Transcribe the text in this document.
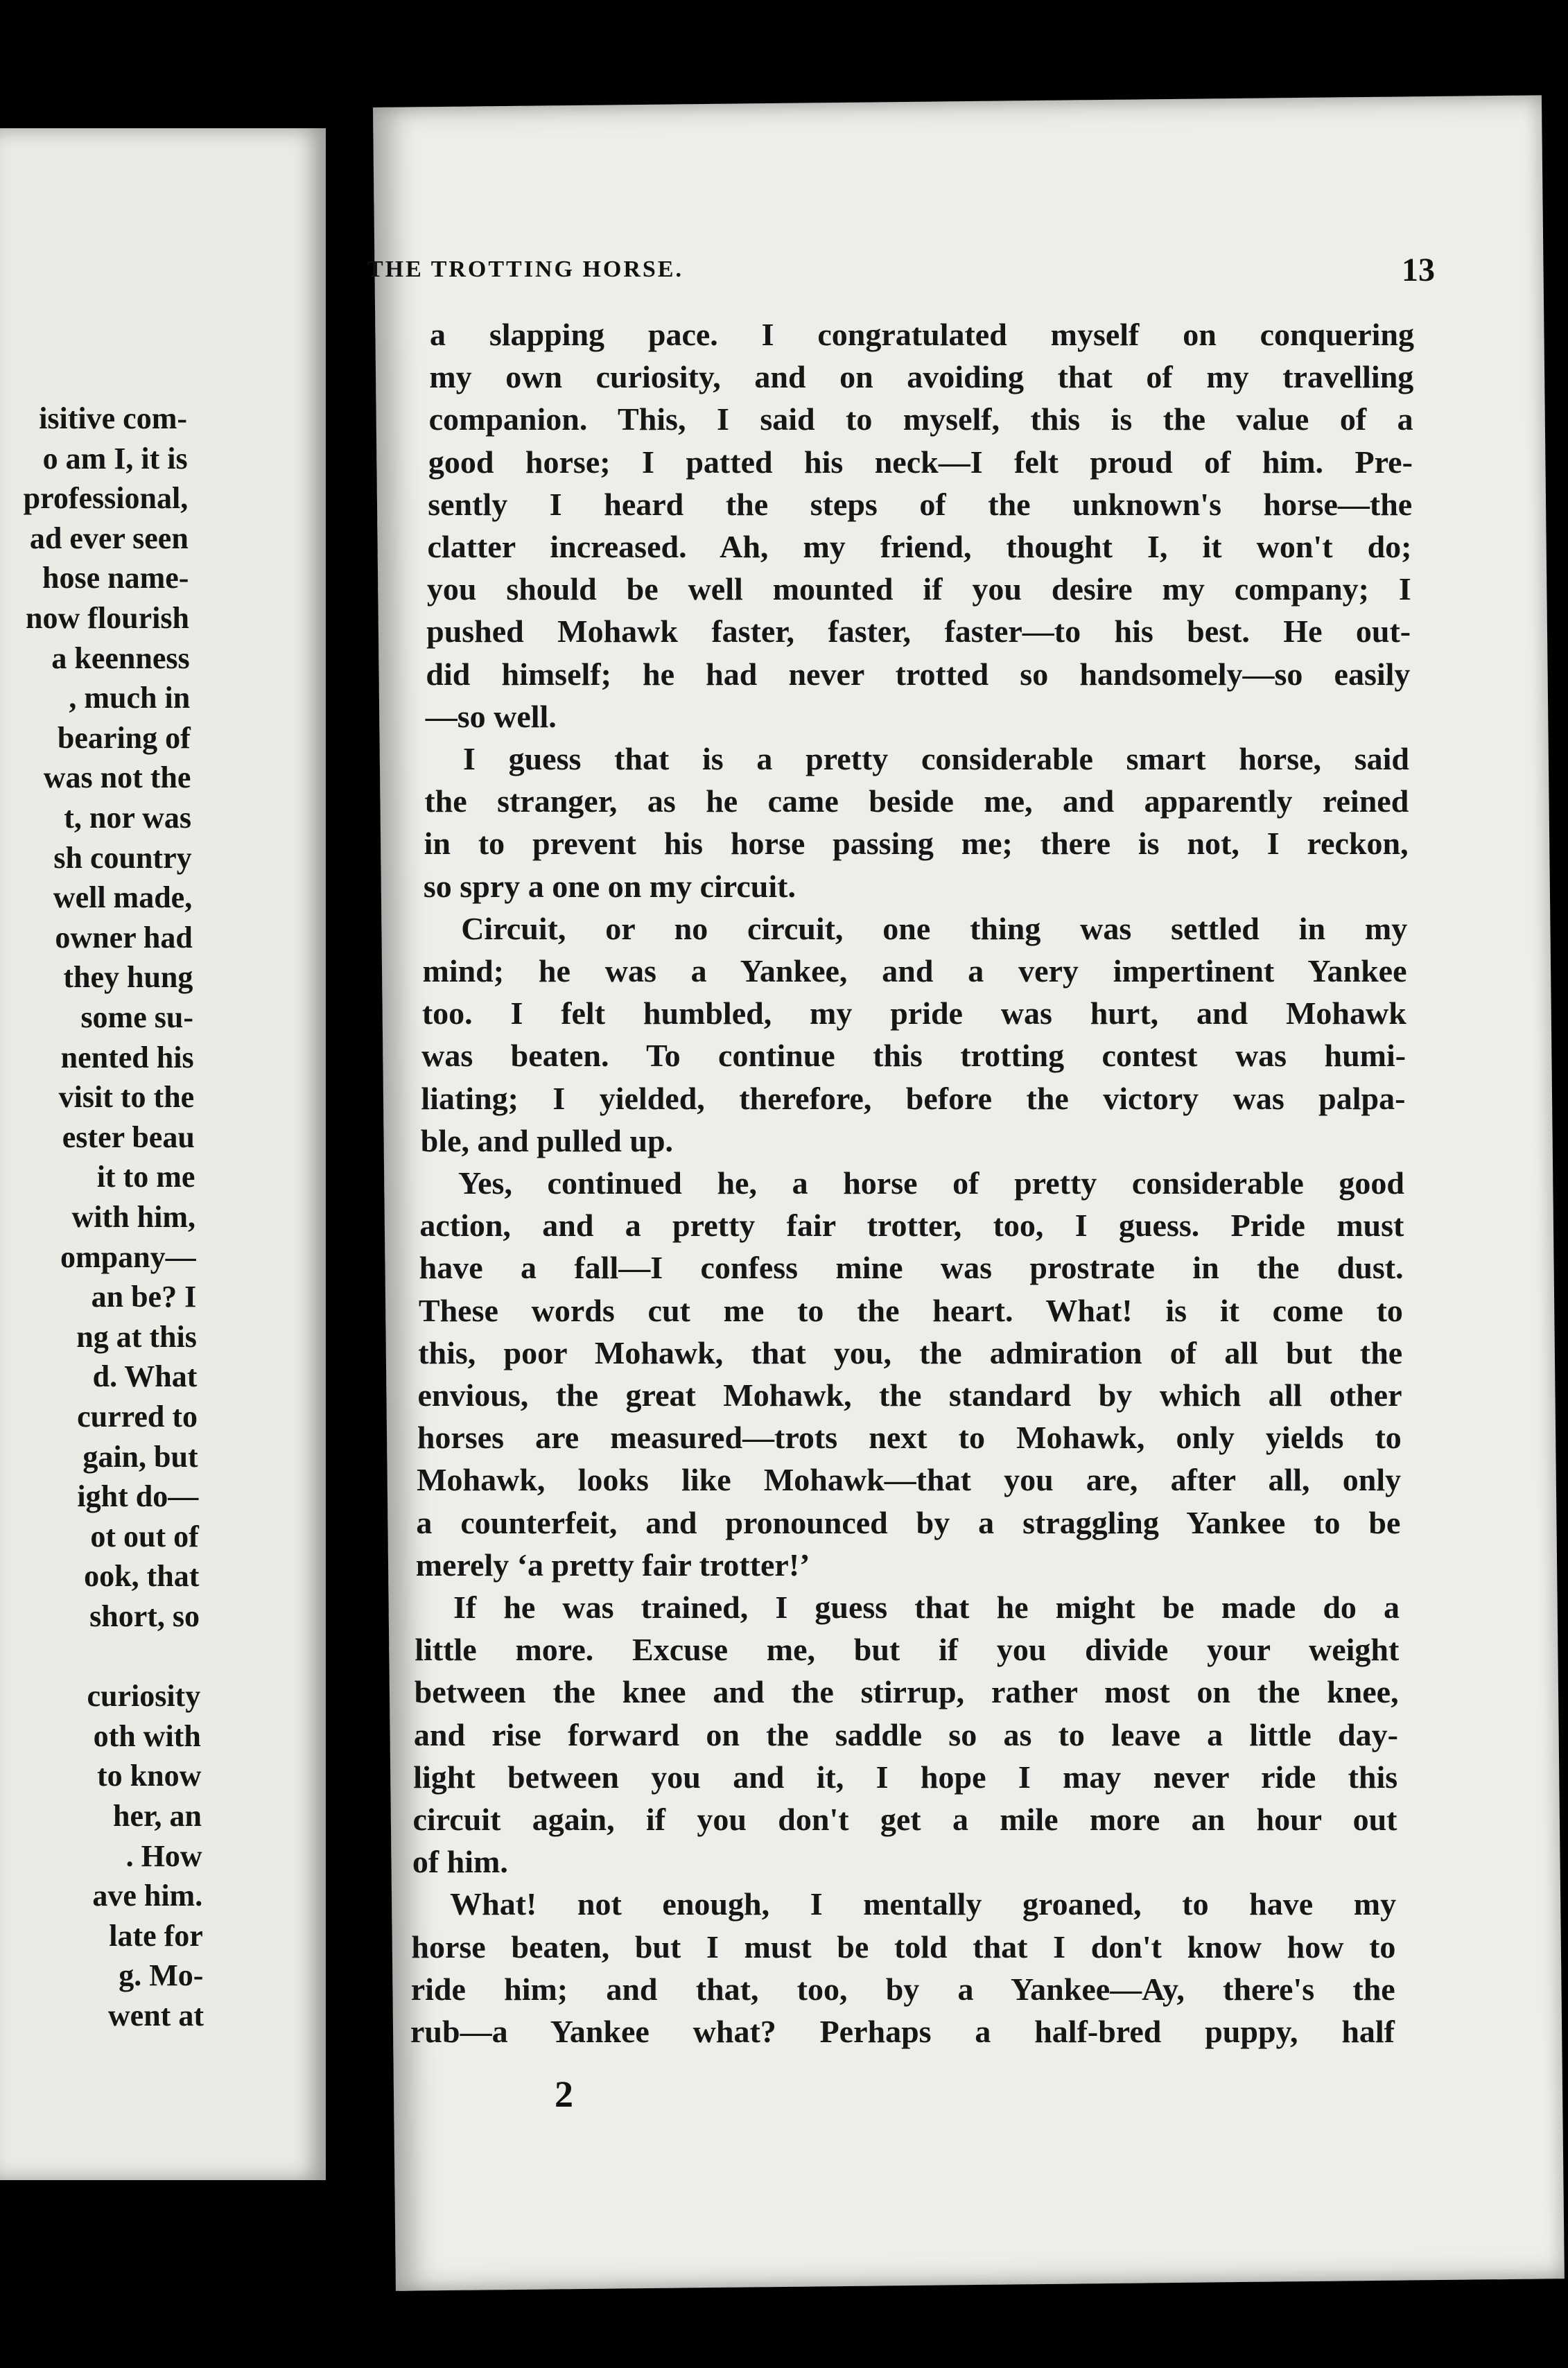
isitive com-
o am I, it is
professional,
ad ever seen
hose name-
now flourish
a keenness
, much in
bearing of
was not the
t, nor was
sh country
well made,
owner had
they hung
some su-
nented his
visit to the
ester beau
it to me
with him,
ompany—
an be? I
ng at this
d. What
curred to
gain, but
ight do—
ot out of
ook, that
short, so
curiosity
oth with
to know
her, an
. How
ave him.
late for
g. Mo-
went at
THE TROTTING HORSE.	13
a slapping pace. I congratulated myself on conquering
my own curiosity, and on avoiding that of my travelling
companion. This, I said to myself, this is the value of a
good horse; I patted his neck—I felt proud of him. Pre-
sently I heard the steps of the unknown's horse—the
clatter increased. Ah, my friend, thought I, it won't do;
you should be well mounted if you desire my company; I
pushed Mohawk faster, faster, faster—to his best. He out-
did himself; he had never trotted so handsomely—so easily
—so well.
I guess that is a pretty considerable smart horse, said
the stranger, as he came beside me, and apparently reined
in to prevent his horse passing me; there is not, I reckon,
so spry a one on my circuit.
Circuit, or no circuit, one thing was settled in my
mind; he was a Yankee, and a very impertinent Yankee
too. I felt humbled, my pride was hurt, and Mohawk
was beaten. To continue this trotting contest was humi-
liating; I yielded, therefore, before the victory was palpa-
ble, and pulled up.
Yes, continued he, a horse of pretty considerable good
action, and a pretty fair trotter, too, I guess. Pride must
have a fall—I confess mine was prostrate in the dust.
These words cut me to the heart. What! is it come to
this, poor Mohawk, that you, the admiration of all but the
envious, the great Mohawk, the standard by which all other
horses are measured—trots next to Mohawk, only yields to
Mohawk, looks like Mohawk—that you are, after all, only
a counterfeit, and pronounced by a straggling Yankee to be
merely ‘a pretty fair trotter!’
If he was trained, I guess that he might be made do a
little more. Excuse me, but if you divide your weight
between the knee and the stirrup, rather most on the knee,
and rise forward on the saddle so as to leave a little day-
light between you and it, I hope I may never ride this
circuit again, if you don't get a mile more an hour out
of him.
What! not enough, I mentally groaned, to have my
horse beaten, but I must be told that I don't know how to
ride him; and that, too, by a Yankee—Ay, there's the
rub—a Yankee what? Perhaps a half-bred puppy, half
2
